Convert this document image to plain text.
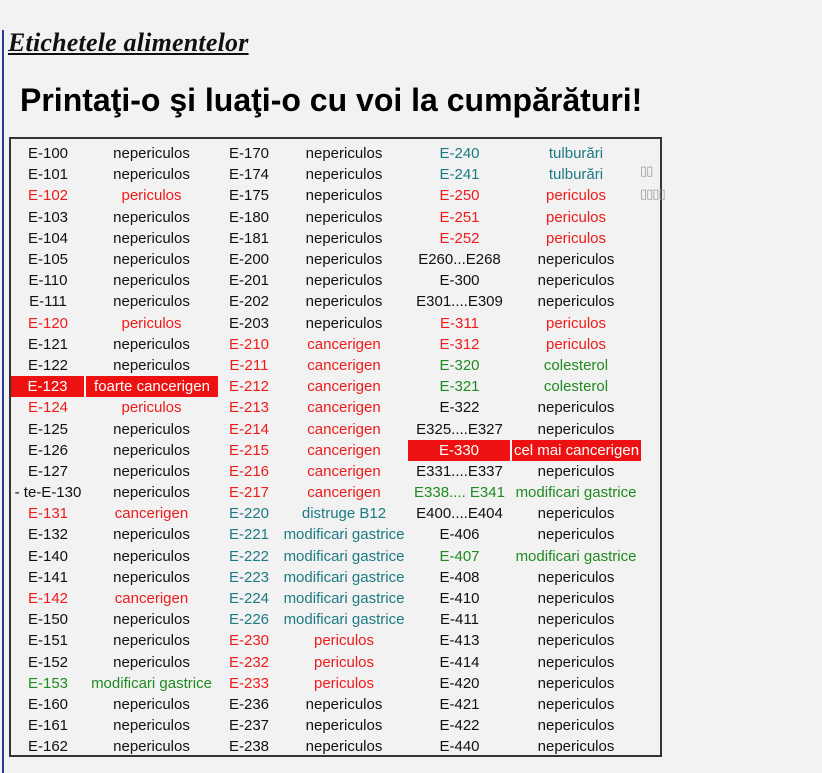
Etichetele alimentelor
Printaţi-o şi luaţi-o cu voi la cumpărături!
E-100	nepericulos	E-170	nepericulos	E-240	tulburări
E-101	nepericulos	E-174	nepericulos	E-241	tulburări
E-102	periculos	E-175	nepericulos	E-250	periculos
E-103	nepericulos	E-180	nepericulos	E-251	periculos
E-104	nepericulos	E-181	nepericulos	E-252	periculos
E-105	nepericulos	E-200	nepericulos	E260...E268	nepericulos
E-110	nepericulos	E-201	nepericulos	E-300	nepericulos
E-111	nepericulos	E-202	nepericulos	E301....E309	nepericulos
E-120	periculos	E-203	nepericulos	E-311	periculos
E-121	nepericulos	E-210	cancerigen	E-312	periculos
E-122	nepericulos	E-211	cancerigen	E-320	colesterol
E-123	foarte cancerigen	E-212	cancerigen	E-321	colesterol
E-124	periculos	E-213	cancerigen	E-322	nepericulos
E-125	nepericulos	E-214	cancerigen	E325....E327	nepericulos
E-126	nepericulos	E-215	cancerigen	E-330	cel mai cancerigen
E-127	nepericulos	E-216	cancerigen	E331....E337	nepericulos
- te-E-130	nepericulos	E-217	cancerigen	E338.... E341	modificari gastrice
E-131	cancerigen	E-220	distruge B12	E400....E404	nepericulos
E-132	nepericulos	E-221	modificari gastrice	E-406	nepericulos
E-140	nepericulos	E-222	modificari gastrice	E-407	modificari gastrice
E-141	nepericulos	E-223	modificari gastrice	E-408	nepericulos
E-142	cancerigen	E-224	modificari gastrice	E-410	nepericulos
E-150	nepericulos	E-226	modificari gastrice	E-411	nepericulos
E-151	nepericulos	E-230	periculos	E-413	nepericulos
E-152	nepericulos	E-232	periculos	E-414	nepericulos
E-153	modificari gastrice	E-233	periculos	E-420	nepericulos
E-160	nepericulos	E-236	nepericulos	E-421	nepericulos
E-161	nepericulos	E-237	nepericulos	E-422	nepericulos
E-162	nepericulos	E-238	nepericulos	E-440	nepericulos
▯▯
▯▯▯▯
